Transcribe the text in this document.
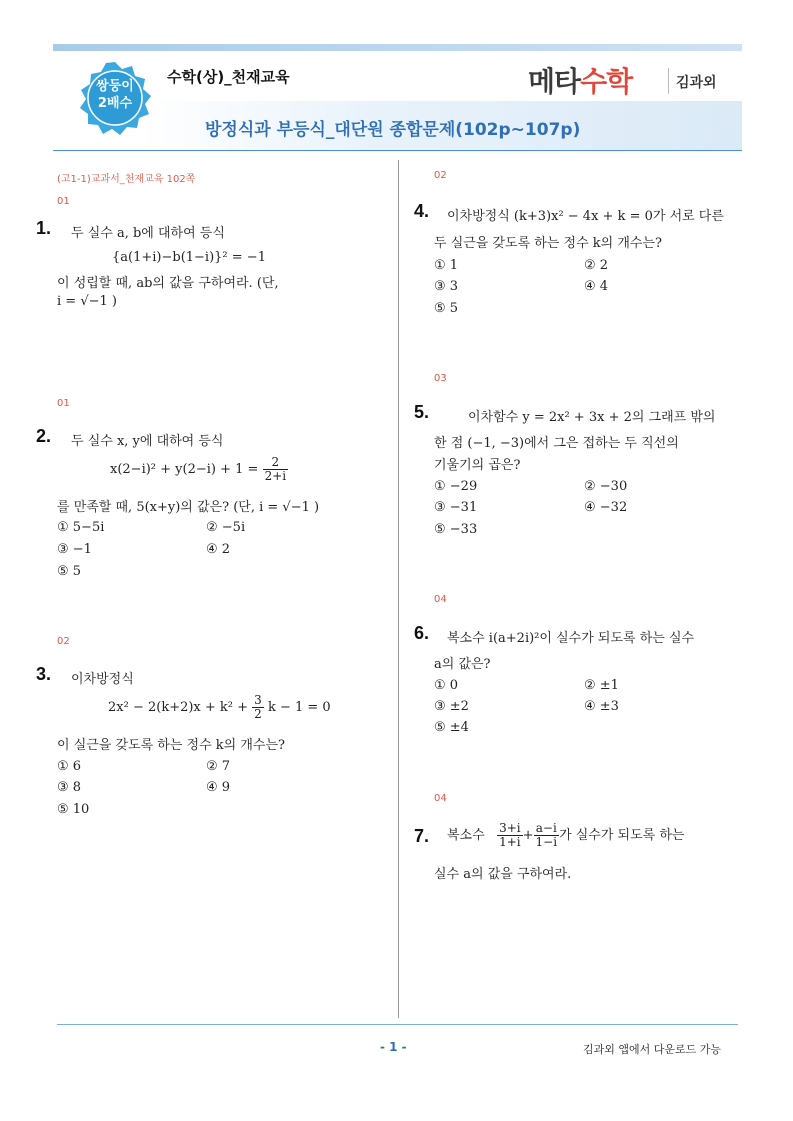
쌍둥이
2배수
수학(상)_천재교육
방정식과 부등식_대단원 종합문제(102p~107p)
메타수학	김과외
(고1-1)교과서_천재교육 102쪽
01
1. 두 실수 a, b에 대하여 등식
{a(1+i)−b(1−i)}² = −1
이 성립할 때, ab의 값을 구하여라. (단,
i = √−1 )
01
2. 두 실수 x, y에 대하여 등식
$x(2-i)^2 + y(2-i) + 1 = \frac{2}{2+i}$
를 만족할 때, 5(x+y)의 값은? (단, i = √−1 )
① 5−5i	② −5i
③ −1	④ 2
⑤ 5
02
3. 이차방정식
$2x^2 - 2(k+2)x + k^2 + \frac{3}{2}$ k − 1 = 0
이 실근을 갖도록 하는 정수 k의 개수는?
① 6	② 7
③ 8	④ 9
⑤ 10
02
4. 이차방정식 (k+3)x² − 4x + k = 0가 서로 다른
두 실근을 갖도록 하는 정수 k의 개수는?
① 1	② 2
③ 3	④ 4
⑤ 5
03
5.	이차함수 y = 2x² + 3x + 2의 그래프 밖의
한 점 (−1, −3)에서 그은 접하는 두 직선의
기울기의 곱은?
① −29	② −30
③ −31	④ −32
⑤ −33
04
6. 복소수 i(a+2i)²이 실수가 되도록 하는 실수
a의 값은?
① 0	② ±1
③ ±2	④ ±3
⑤ ±4
04
7. 복소수 $\frac{3+i}{1+i} + \frac{a-i}{1-i}$ 가 실수가 되도록 하는
실수 a의 값을 구하여라.
- 1 -	김과외 앱에서 다운로드 가능
